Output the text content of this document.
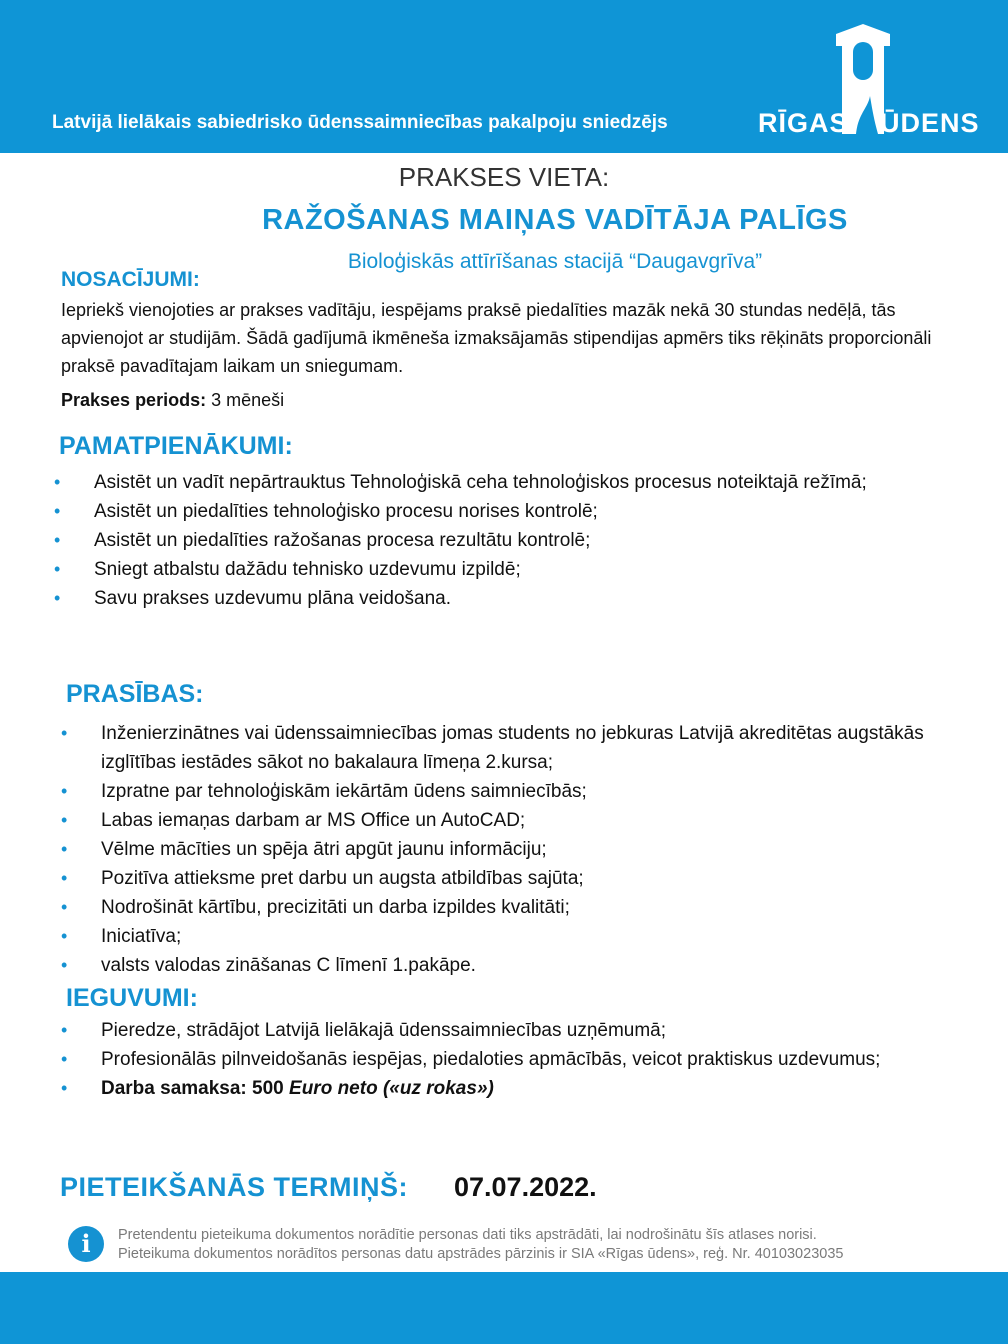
Latvijā lielākais sabiedrisko ūdenssaimniecības pakalpoju sniedzējs	RĪGAS ŪDENS
PRAKSES VIETA:
RAŽOŠANAS MAIŅAS VADĪTĀJA PALĪGS
Bioloģiskās attīrīšanas stacijā “Daugavgrīva”
NOSACĪJUMI:
Iepriekš vienojoties ar prakses vadītāju, iespējams praksē piedalīties mazāk nekā 30 stundas nedēļā, tās apvienojot ar studijām. Šādā gadījumā ikmēneša izmaksājamās stipendijas apmērs tiks rēķināts proporcionāli praksē pavadītajam laikam un sniegumam.
Prakses periods: 3 mēneši
PAMATPIENĀKUMI:
• Asistēt un vadīt nepārtrauktus Tehnoloģiskā ceha tehnoloģiskos procesus noteiktajā režīmā;
• Asistēt un piedalīties tehnoloģisko procesu norises kontrolē;
• Asistēt un piedalīties ražošanas procesa rezultātu kontrolē;
• Sniegt atbalstu dažādu tehnisko uzdevumu izpildē;
• Savu prakses uzdevumu plāna veidošana.
PRASĪBAS:
• Inženierzinātnes vai ūdenssaimniecības jomas students no jebkuras Latvijā akreditētas augstākās izglītības iestādes sākot no bakalaura līmeņa 2.kursa;
• Izpratne par tehnoloģiskām iekārtām ūdens saimniecībās;
• Labas iemaņas darbam ar MS Office un AutoCAD;
• Vēlme mācīties un spēja ātri apgūt jaunu informāciju;
• Pozitīva attieksme pret darbu un augsta atbildības sajūta;
• Nodrošināt kārtību, precizitāti un darba izpildes kvalitāti;
• Iniciatīva;
• valsts valodas zināšanas C līmenī 1.pakāpe.
IEGUVUMI:
• Pieredze, strādājot Latvijā lielākajā ūdenssaimniecības uzņēmumā;
• Profesionālās pilnveidošanās iespējas, piedaloties apmācībās, veicot praktiskus uzdevumus;
• Darba samaksa: 500 Euro neto («uz rokas»)
PIETEIKŠANĀS TERMIŅŠ: 07.07.2022.
i	Pretendentu pieteikuma dokumentos norādītie personas dati tiks apstrādāti, lai nodrošinātu šīs atlases norisi.
Pieteikuma dokumentos norādītos personas datu apstrādes pārzinis ir SIA «Rīgas ūdens», reģ. Nr. 40103023035
